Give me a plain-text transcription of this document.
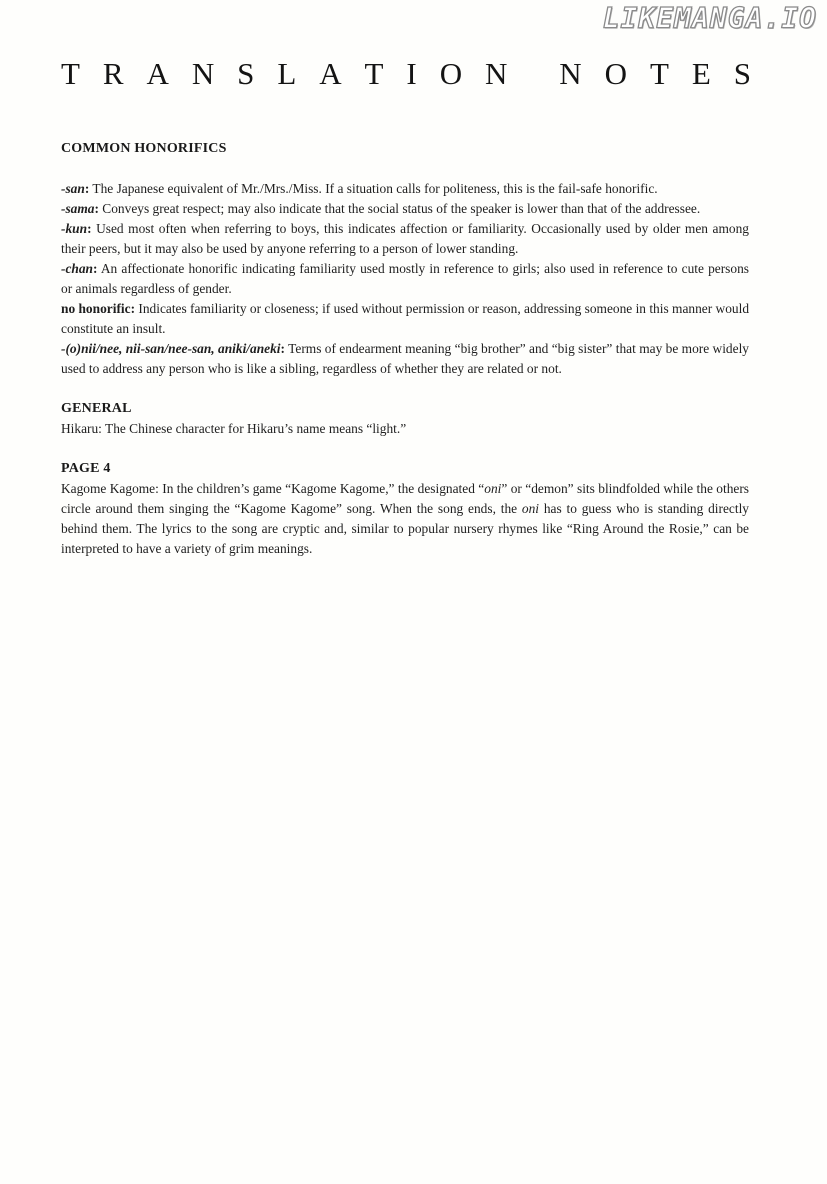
LIKEMANGA.IO
T R A N S L A T I O N N O T E S
COMMON HONORIFICS

-san: The Japanese equivalent of Mr./Mrs./Miss. If a situation calls for politeness, this is the fail-safe honorific.

-sama: Conveys great respect; may also indicate that the social status of the speaker is lower than that of the addressee.

-kun: Used most often when referring to boys, this indicates affection or familiarity. Occasionally used by older men among their peers, but it may also be used by anyone referring to a person of lower standing.

-chan: An affectionate honorific indicating familiarity used mostly in reference to girls; also used in reference to cute persons or animals regardless of gender.

no honorific: Indicates familiarity or closeness; if used without permission or reason, addressing someone in this manner would constitute an insult.

-(o)nii/nee, nii-san/nee-san, aniki/aneki: Terms of endearment meaning “big brother” and “big sister” that may be more widely used to address any person who is like a sibling, regardless of whether they are related or not.

GENERAL

Hikaru: The Chinese character for Hikaru’s name means “light.”

PAGE 4

Kagome Kagome: In the children’s game “Kagome Kagome,” the designated “oni” or “demon” sits blindfolded while the others circle around them singing the “Kagome Kagome” song. When the song ends, the oni has to guess who is standing directly behind them. The lyrics to the song are cryptic and, similar to popular nursery rhymes like “Ring Around the Rosie,” can be interpreted to have a variety of grim meanings.
